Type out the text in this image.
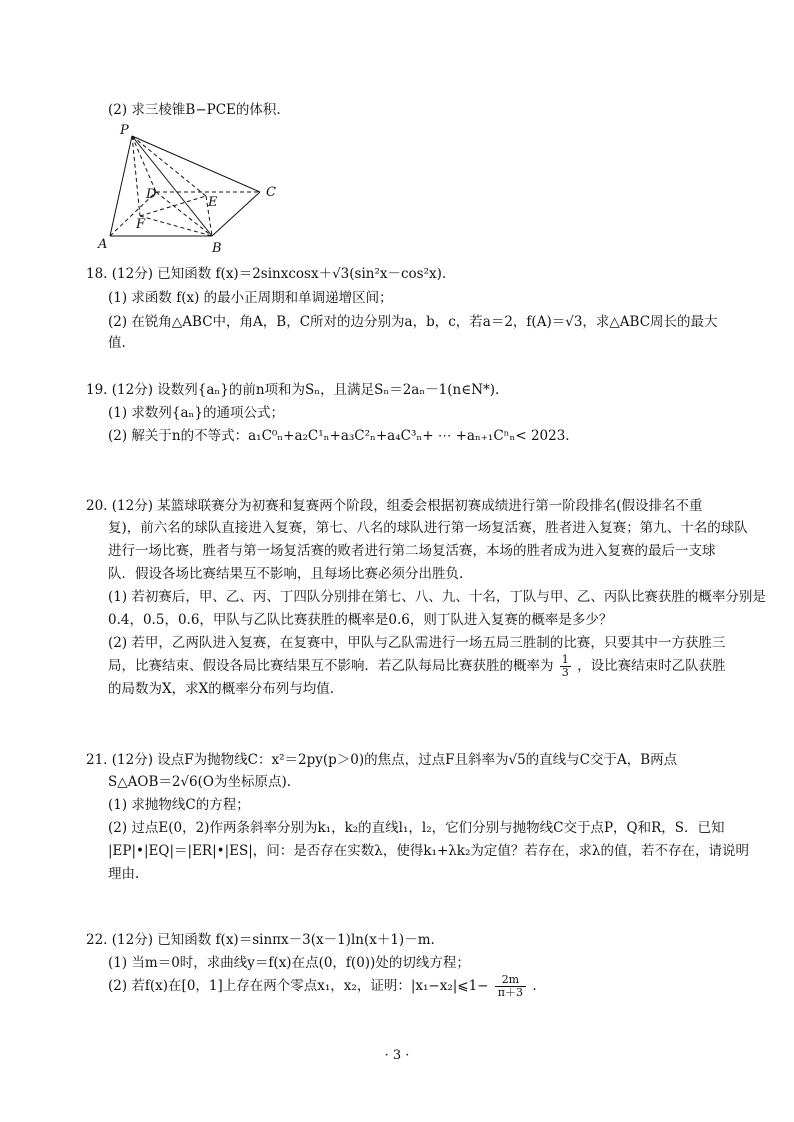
(2) 求三棱锥B−PCE的体积.
P
C
D
E
F
A	B
18. (12分) 已知函数 f(x)＝2sinxcosx＋√3(sin²x－cos²x).
(1) 求函数 f(x) 的最小正周期和单调递增区间；
(2) 在锐角△ABC中，角A，B，C所对的边分别为a，b，c，若a＝2，f(A)＝√3，求△ABC周长的最大
值.
19. (12分) 设数列{aₙ}的前n项和为Sₙ，且满足Sₙ＝2aₙ－1(n∈N*).
(1) 求数列{aₙ}的通项公式；
(2) 解关于n的不等式：a₁C⁰ₙ+a₂C¹ₙ+a₃C²ₙ+a₄C³ₙ+ ⋯ +aₙ₊₁Cⁿₙ< 2023.
20. (12分) 某篮球联赛分为初赛和复赛两个阶段，组委会根据初赛成绩进行第一阶段排名(假设排名不重
复)，前六名的球队直接进入复赛，第七、八名的球队进行第一场复活赛，胜者进入复赛；第九、十名的球队
进行一场比赛，胜者与第一场复活赛的败者进行第二场复活赛，本场的胜者成为进入复赛的最后一支球
队．假设各场比赛结果互不影响，且每场比赛必须分出胜负.
(1) 若初赛后，甲、乙、丙、丁四队分别排在第七、八、九、十名，丁队与甲、乙、丙队比赛获胜的概率分别是
0.4，0.5，0.6，甲队与乙队比赛获胜的概率是0.6，则丁队进入复赛的概率是多少？
(2) 若甲，乙两队进入复赛，在复赛中，甲队与乙队需进行一场五局三胜制的比赛，只要其中一方获胜三
局，比赛结束、假设各局比赛结果互不影响．若乙队每局比赛获胜的概率为 $\frac{1}{3}$ ，设比赛结束时乙队获胜
的局数为X，求X的概率分布列与均值.
21. (12分) 设点F为抛物线C：x²＝2py(p＞0)的焦点，过点F且斜率为√5的直线与C交于A，B两点
S△AOB＝2√6(O为坐标原点).
(1) 求抛物线C的方程；
(2) 过点E(0，2)作两条斜率分别为k₁，k₂的直线l₁，l₂，它们分别与抛物线C交于点P，Q和R，S．已知
|EP|•|EQ|＝|ER|•|ES|，问：是否存在实数λ，使得k₁+λk₂为定值？若存在，求λ的值，若不存在，请说明
理由.
22. (12分) 已知函数 f(x)＝sinπx－3(x－1)ln(x＋1)－m.
(1) 当m＝0时，求曲线y＝f(x)在点(0，f(0))处的切线方程；
(2) 若f(x)在[0，1]上存在两个零点x₁，x₂，证明：|x₁−x₂|⩽1− $\frac{2m}{\pi+3}$ .
· 3 ·
